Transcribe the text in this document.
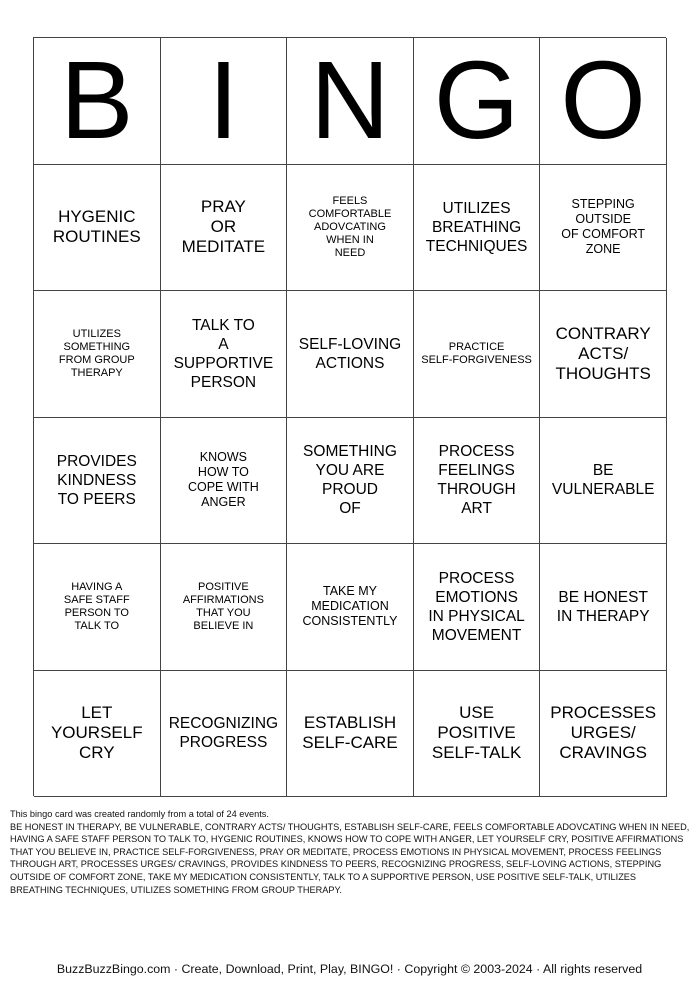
B I N G O
HYGENIC
ROUTINES
PRAY
OR
MEDITATE
FEELS
COMFORTABLE
ADOVCATING
WHEN IN
NEED
UTILIZES
BREATHING
TECHNIQUES
STEPPING
OUTSIDE
OF COMFORT
ZONE
UTILIZES
SOMETHING
FROM GROUP
THERAPY
TALK TO
A
SUPPORTIVE
PERSON
SELF-LOVING
ACTIONS
PRACTICE
SELF-FORGIVENESS
CONTRARY
ACTS/
THOUGHTS
PROVIDES
KINDNESS
TO PEERS
KNOWS
HOW TO
COPE WITH
ANGER
SOMETHING
YOU ARE
PROUD
OF
PROCESS
FEELINGS
THROUGH
ART
BE
VULNERABLE
HAVING A
SAFE STAFF
PERSON TO
TALK TO
POSITIVE
AFFIRMATIONS
THAT YOU
BELIEVE IN
TAKE MY
MEDICATION
CONSISTENTLY
PROCESS
EMOTIONS
IN PHYSICAL
MOVEMENT
BE HONEST
IN THERAPY
LET
YOURSELF
CRY
RECOGNIZING
PROGRESS
ESTABLISH
SELF-CARE
USE
POSITIVE
SELF-TALK
PROCESSES
URGES/
CRAVINGS

This bingo card was created randomly from a total of 24 events.

BE HONEST IN THERAPY, BE VULNERABLE, CONTRARY ACTS/ THOUGHTS, ESTABLISH SELF-CARE, FEELS COMFORTABLE ADOVCATING WHEN IN NEED, HAVING A SAFE STAFF PERSON TO TALK TO, HYGENIC ROUTINES, KNOWS HOW TO COPE WITH ANGER, LET YOURSELF CRY, POSITIVE AFFIRMATIONS THAT YOU BELIEVE IN, PRACTICE SELF-FORGIVENESS, PRAY OR MEDITATE, PROCESS EMOTIONS IN PHYSICAL MOVEMENT, PROCESS FEELINGS THROUGH ART, PROCESSES URGES/ CRAVINGS, PROVIDES KINDNESS TO PEERS, RECOGNIZING PROGRESS, SELF-LOVING ACTIONS, STEPPING OUTSIDE OF COMFORT ZONE, TAKE MY MEDICATION CONSISTENTLY, TALK TO A SUPPORTIVE PERSON, USE POSITIVE SELF-TALK, UTILIZES BREATHING TECHNIQUES, UTILIZES SOMETHING FROM GROUP THERAPY.

BuzzBuzzBingo.com · Create, Download, Print, Play, BINGO! · Copyright © 2003-2024 · All rights reserved
